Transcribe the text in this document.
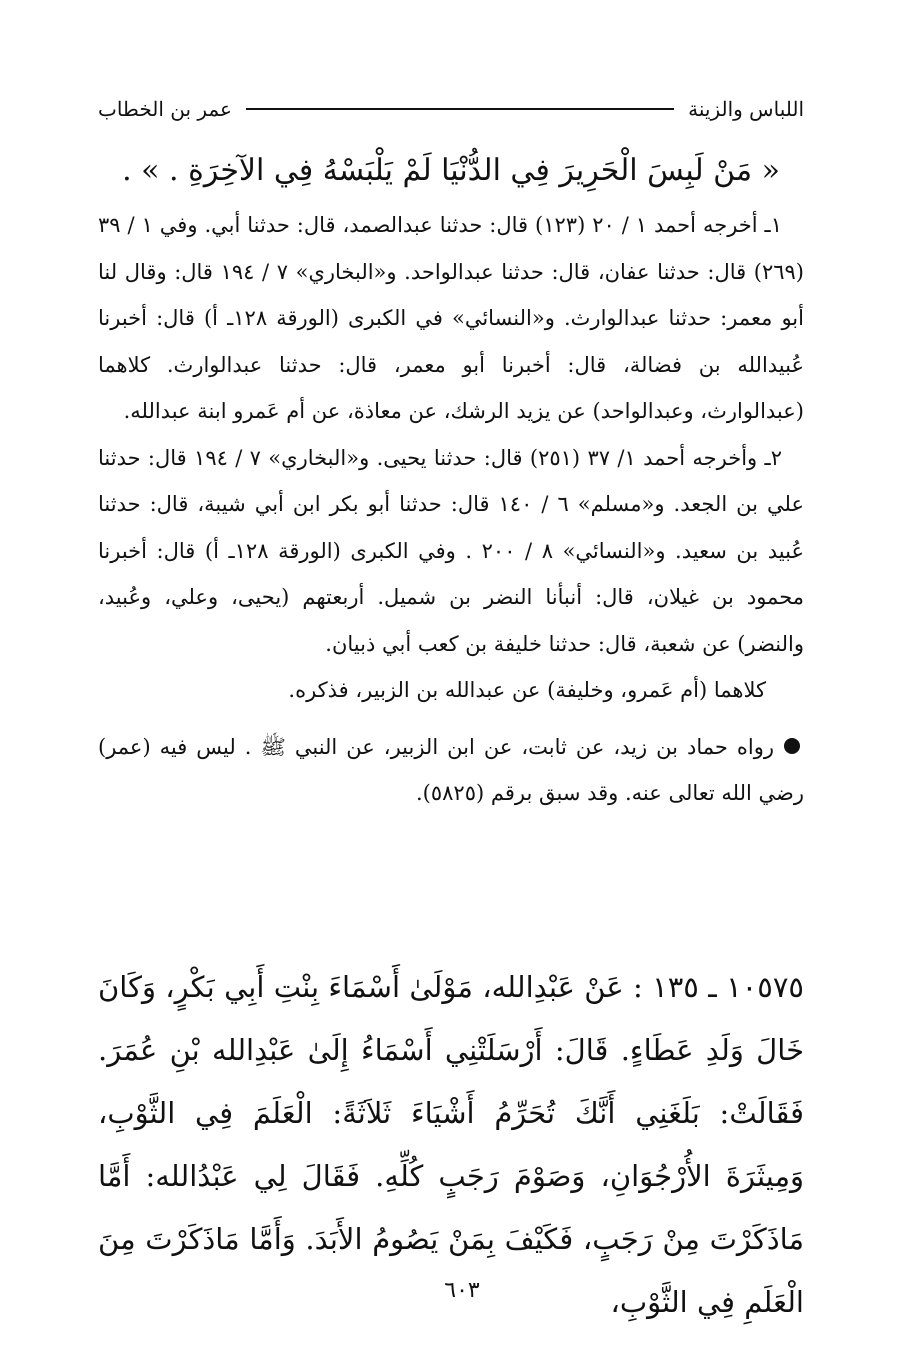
اللباس والزينة
عمر بن الخطاب
« مَنْ لَبِسَ الْحَرِيرَ فِي الدُّنْيَا لَمْ يَلْبَسْهُ فِي الآخِرَةِ . » .

١ـ أخرجه أحمد ١ / ٢٠ (١٢٣) قال: حدثنا عبدالصمد، قال: حدثنا أبي. وفي ١ / ٣٩ (٢٦٩) قال: حدثنا عفان، قال: حدثنا عبدالواحد. و«البخاري» ٧ / ١٩٤ قال: وقال لنا أبو معمر: حدثنا عبدالوارث. و«النسائي» في الكبرى (الورقة ١٢٨ـ أ) قال: أخبرنا عُبيدالله بن فضالة، قال: أخبرنا أبو معمر، قال: حدثنا عبدالوارث. كلاهما (عبدالوارث، وعبدالواحد) عن يزيد الرشك، عن معاذة، عن أم عَمرو ابنة عبدالله.

٢ـ وأخرجه أحمد ١/ ٣٧ (٢٥١) قال: حدثنا يحيى. و«البخاري» ٧ / ١٩٤ قال: حدثنا علي بن الجعد. و«مسلم» ٦ / ١٤٠ قال: حدثنا أبو بكر ابن أبي شيبة، قال: حدثنا عُبيد بن سعيد. و«النسائي» ٨ / ٢٠٠ . وفي الكبرى (الورقة ١٢٨ـ أ) قال: أخبرنا محمود بن غيلان، قال: أنبأنا النضر بن شميل. أربعتهم (يحيى، وعلي، وعُبيد، والنضر) عن شعبة، قال: حدثنا خليفة بن كعب أبي ذبيان.

كلاهما (أم عَمرو، وخليفة) عن عبدالله بن الزبير، فذكره.

رواه حماد بن زيد، عن ثابت، عن ابن الزبير، عن النبي ﷺ . ليس فيه (عمر) رضي الله تعالى عنه. وقد سبق برقم (٥٨٢٥).

١٠٥٧٥ ـ ١٣٥ : عَنْ عَبْدِالله، مَوْلَىٰ أَسْمَاءَ بِنْتِ أَبِي بَكْرٍ، وَكَانَ خَالَ وَلَدِ عَطَاءٍ. قَالَ: أَرْسَلَتْنِي أَسْمَاءُ إِلَىٰ عَبْدِالله بْنِ عُمَرَ. فَقَالَتْ: بَلَغَنِي أَنَّكَ تُحَرِّمُ أَشْيَاءَ ثَلاَثَةً: الْعَلَمَ فِي الثَّوْبِ، وَمِيثَرَةَ الأُرْجُوَانِ، وَصَوْمَ رَجَبٍ كُلِّهِ. فَقَالَ لِي عَبْدُالله: أَمَّا مَاذَكَرْتَ مِنْ رَجَبٍ، فَكَيْفَ بِمَنْ يَصُومُ الأَبَدَ. وَأَمَّا مَاذَكَرْتَ مِنَ الْعَلَمِ فِي الثَّوْبِ،

٦٠٣
